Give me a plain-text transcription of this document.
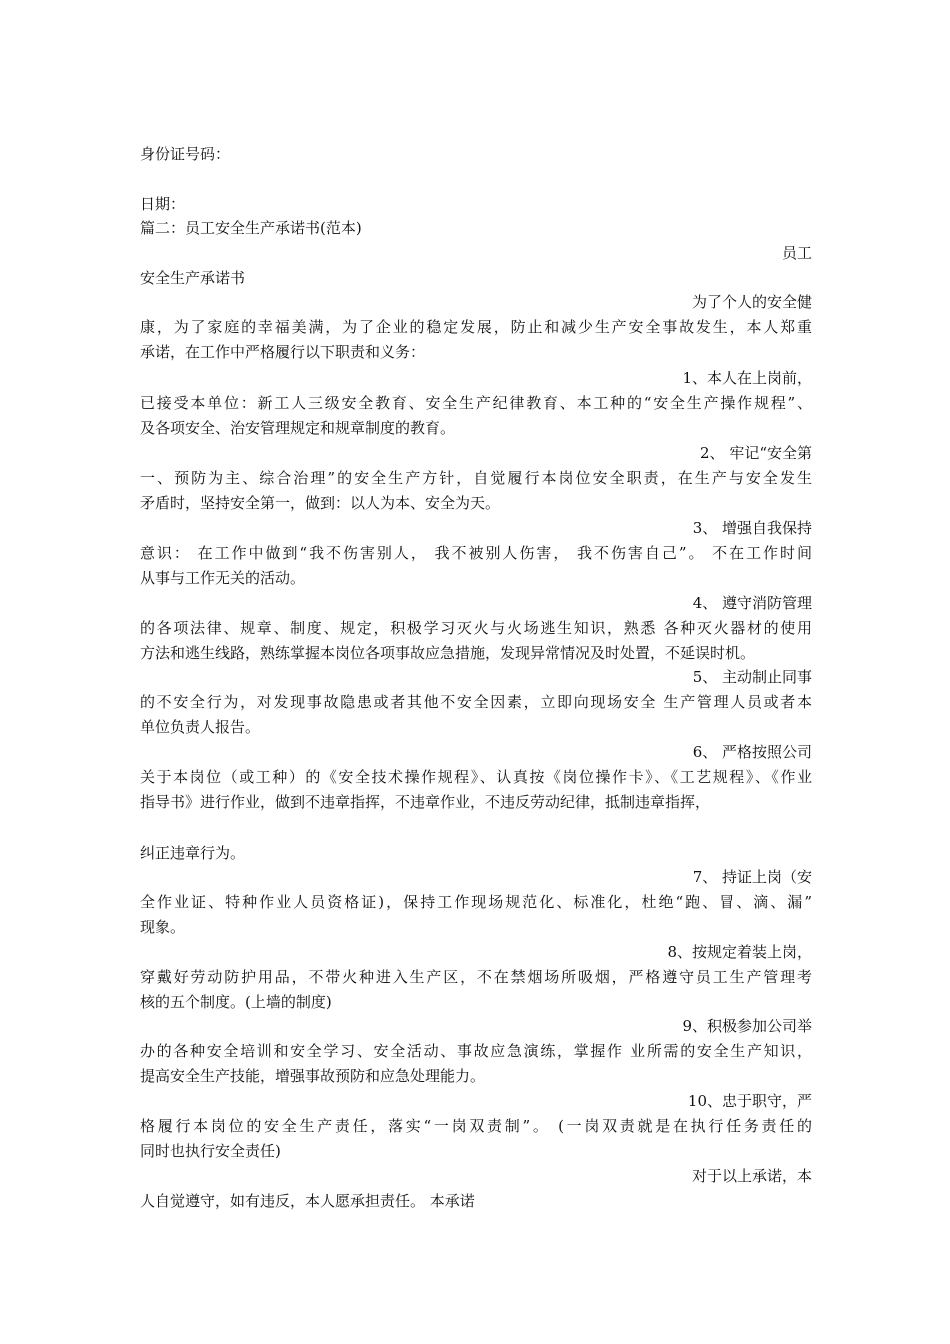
身份证号码：
日期：
篇二：员工安全生产承诺书(范本)
员工
安全生产承诺书
为了个人的安全健
康，为了家庭的幸福美满，为了企业的稳定发展，防止和减少生产安全事故发生，本人郑重
承诺，在工作中严格履行以下职责和义务：
1、本人在上岗前，
已接受本单位：新工人三级安全教育、安全生产纪律教育、本工种的“安全生产操作规程”、
及各项安全、治安管理规定和规章制度的教育。
2、 牢记“安全第
一、预防为主、综合治理”的安全生产方针，自觉履行本岗位安全职责，在生产与安全发生
矛盾时，坚持安全第一，做到：以人为本、安全为天。
3、 增强自我保持
意识： 在工作中做到“我不伤害别人， 我不被别人伤害， 我不伤害自己”。 不在工作时间
从事与工作无关的活动。
4、 遵守消防管理
的各项法律、规章、制度、规定，积极学习灭火与火场逃生知识，熟悉 各种灭火器材的使用
方法和逃生线路，熟练掌握本岗位各项事故应急措施，发现异常情况及时处置，不延误时机。
5、 主动制止同事
的不安全行为，对发现事故隐患或者其他不安全因素，立即向现场安全 生产管理人员或者本
单位负责人报告。
6、 严格按照公司
关于本岗位（或工种）的《安全技术操作规程》、认真按《岗位操作卡》、《工艺规程》、《作业
指导书》进行作业，做到不违章指挥，不违章作业，不违反劳动纪律，抵制违章指挥，
纠正违章行为。
7、 持证上岗（安
全作业证、特种作业人员资格证)，保持工作现场规范化、标准化，杜绝“跑、冒、滴、漏”
现象。
8、按规定着装上岗，
穿戴好劳动防护用品，不带火种进入生产区，不在禁烟场所吸烟，严格遵守员工生产管理考
核的五个制度。(上墙的制度)
9、积极参加公司举
办的各种安全培训和安全学习、安全活动、事故应急演练，掌握作 业所需的安全生产知识，
提高安全生产技能，增强事故预防和应急处理能力。
10、忠于职守，严
格履行本岗位的安全生产责任，落实“一岗双责制”。 (一岗双责就是在执行任务责任的
同时也执行安全责任)
对于以上承诺，本
人自觉遵守，如有违反，本人愿承担责任。 本承诺
